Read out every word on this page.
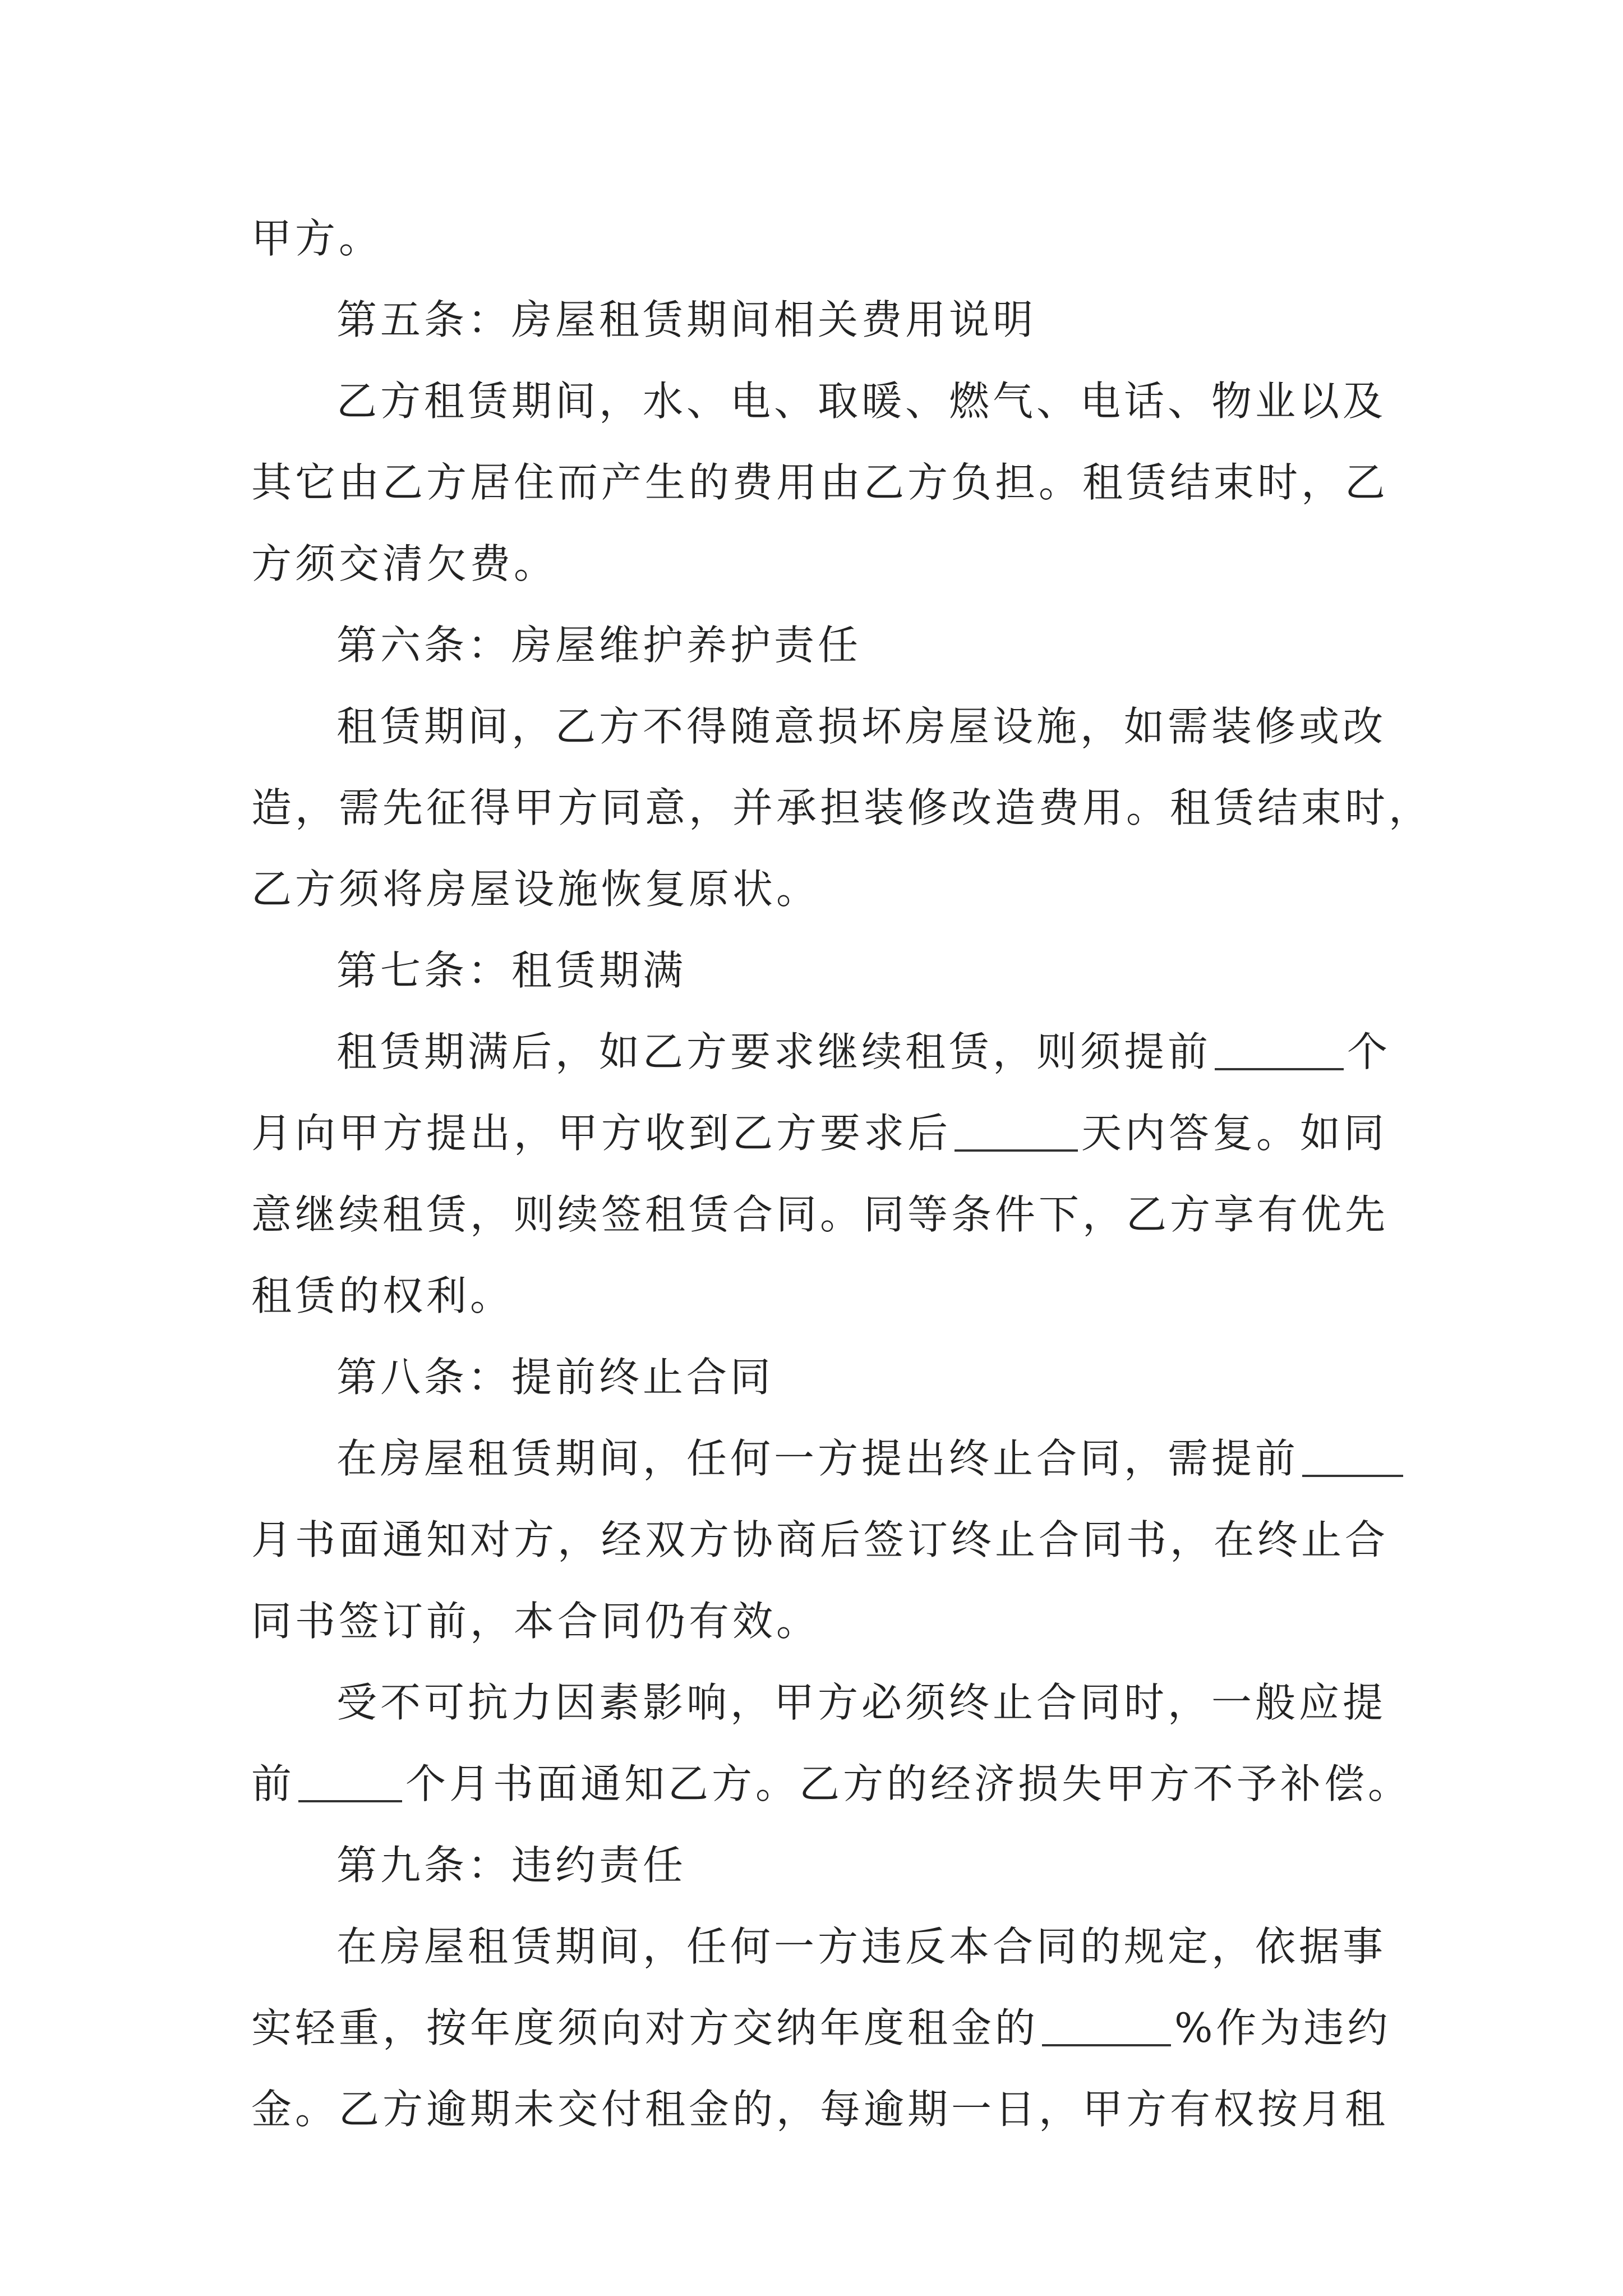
甲方。
第五条：房屋租赁期间相关费用说明
乙方租赁期间，水、电、取暖、燃气、电话、物业以及
其它由乙方居住而产生的费用由乙方负担。租赁结束时，乙
方须交清欠费。
第六条：房屋维护养护责任
租赁期间，乙方不得随意损坏房屋设施，如需装修或改
造，需先征得甲方同意，并承担装修改造费用。租赁结束时，
乙方须将房屋设施恢复原状。
第七条：租赁期满
租赁期满后，如乙方要求继续租赁，则须提前	个
月向甲方提出，甲方收到乙方要求后	天内答复。如同
意继续租赁，则续签租赁合同。同等条件下，乙方享有优先
租赁的权利。
第八条：提前终止合同
在房屋租赁期间，任何一方提出终止合同，需提前
月书面通知对方，经双方协商后签订终止合同书，在终止合
同书签订前，本合同仍有效。
受不可抗力因素影响，甲方必须终止合同时，一般应提
前	个月书面通知乙方。乙方的经济损失甲方不予补偿。
第九条：违约责任
在房屋租赁期间，任何一方违反本合同的规定，依据事
实轻重，按年度须向对方交纳年度租金的	%作为违约
金。乙方逾期未交付租金的，每逾期一日，甲方有权按月租
